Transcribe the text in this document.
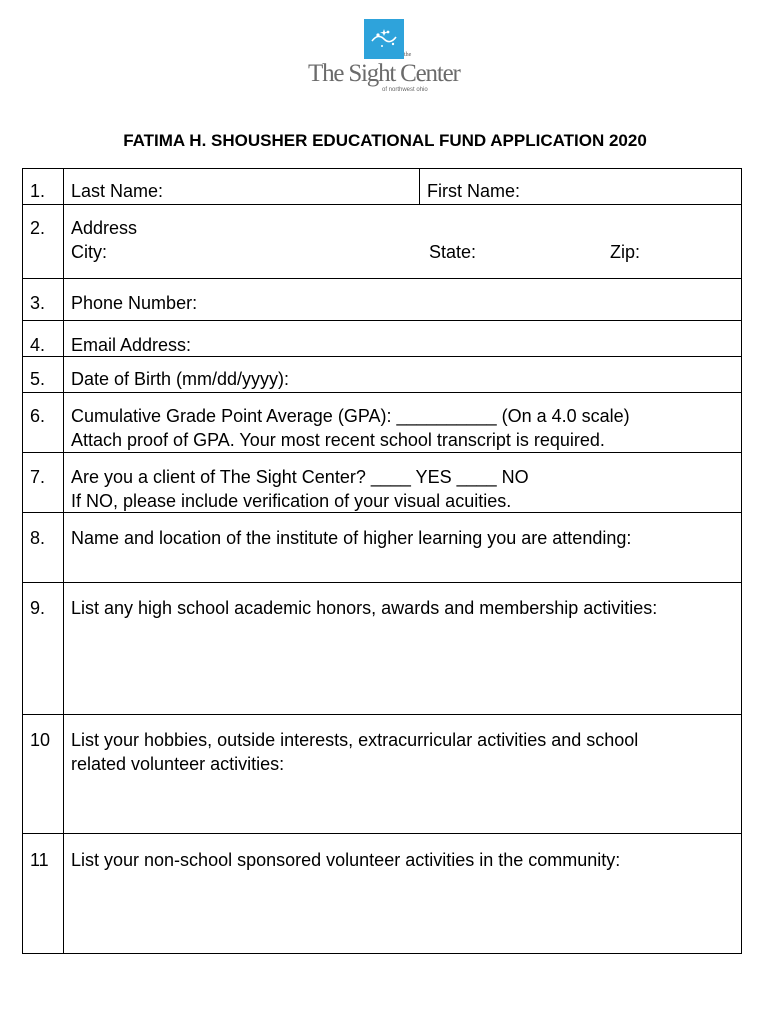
the
The Sight Center
of northwest ohio
FATIMA H. SHOUSHER EDUCATIONAL FUND APPLICATION 2020
1. Last Name:	First Name:
2. Address
City:	State:	Zip:
3. Phone Number:
4. Email Address:
5. Date of Birth (mm/dd/yyyy):
6. Cumulative Grade Point Average (GPA): __________ (On a 4.0 scale)
Attach proof of GPA. Your most recent school transcript is required.
7. Are you a client of The Sight Center? ____ YES ____ NO
If NO, please include verification of your visual acuities.
8. Name and location of the institute of higher learning you are attending:
9. List any high school academic honors, awards and membership activities:
10 List your hobbies, outside interests, extracurricular activities and school
related volunteer activities:
11 List your non-school sponsored volunteer activities in the community:
